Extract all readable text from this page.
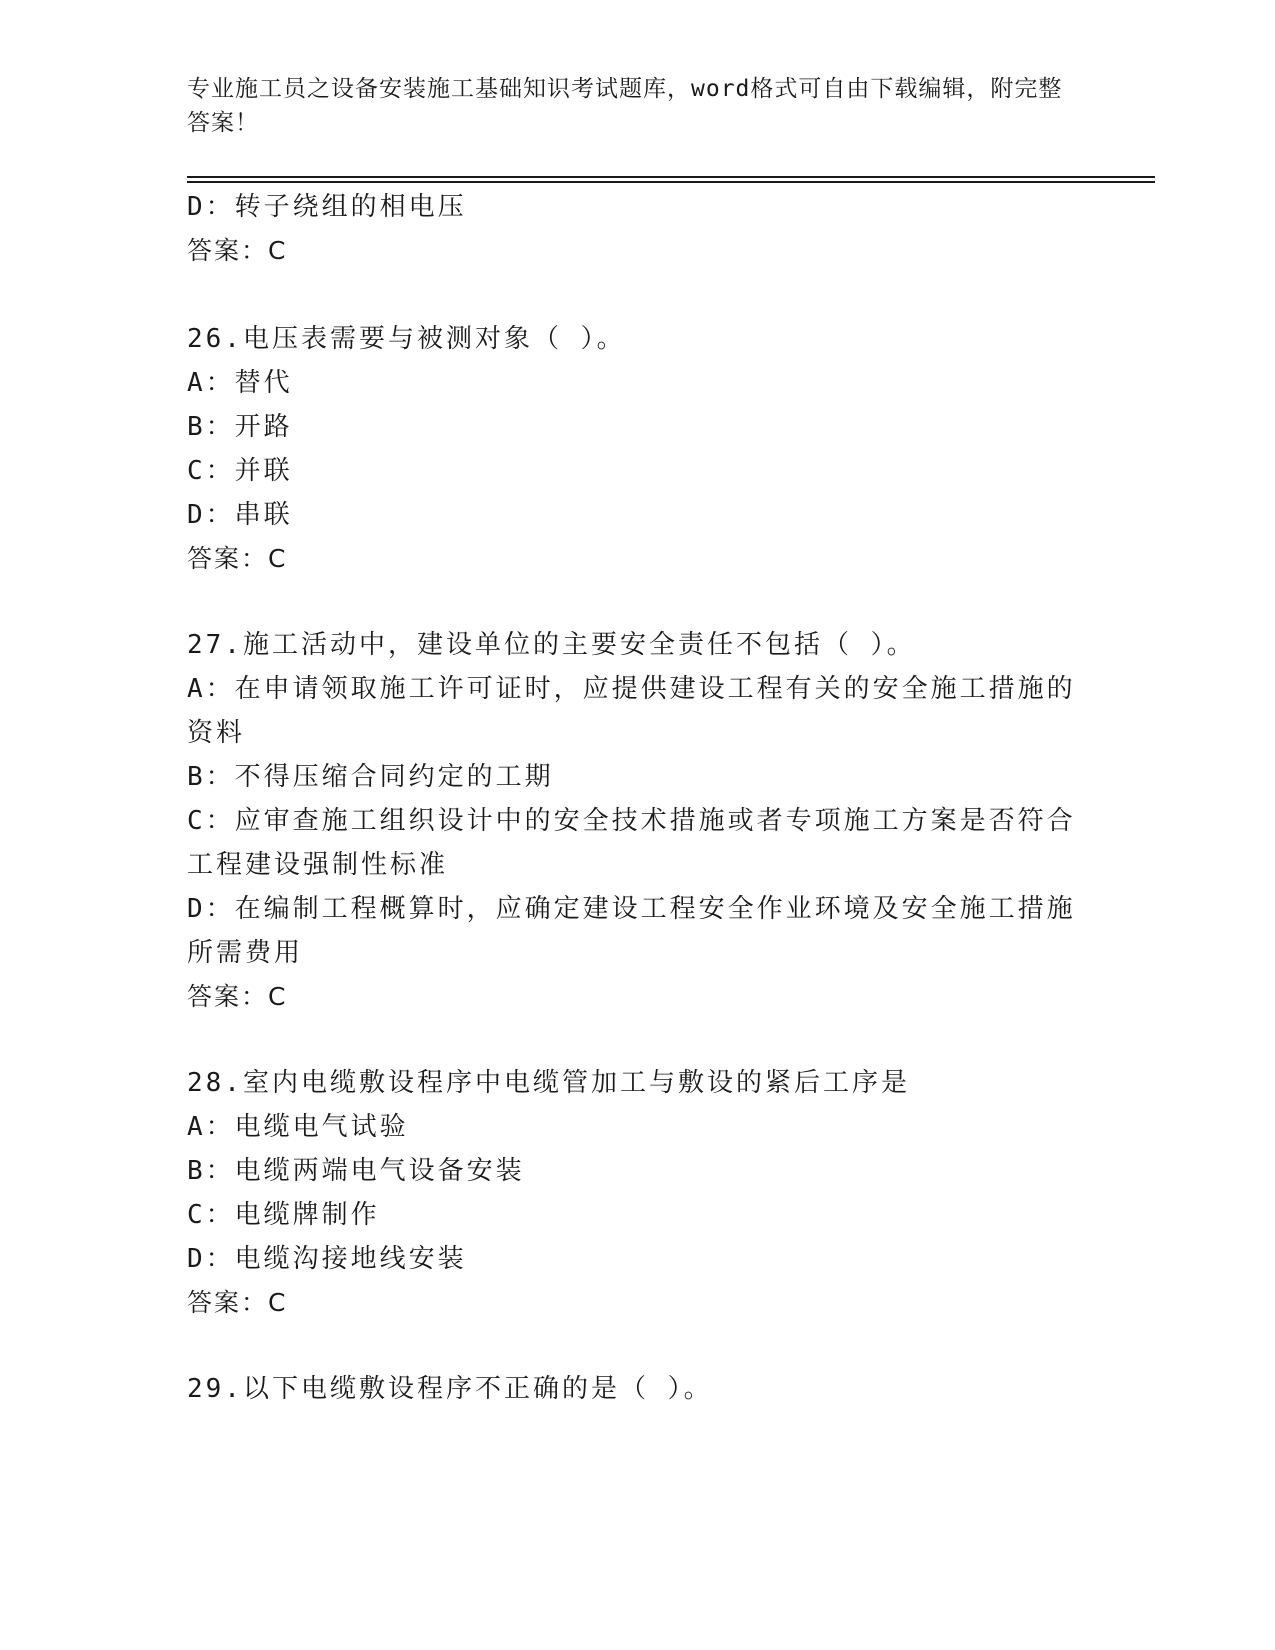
专业施工员之设备安装施工基础知识考试题库，word格式可自由下载编辑，附完整答案！
D：转子绕组的相电压
答案：C
26.电压表需要与被测对象（ ）。
A：替代
B：开路
C：并联
D：串联
答案：C
27.施工活动中，建设单位的主要安全责任不包括（ ）。
A：在申请领取施工许可证时，应提供建设工程有关的安全施工措施的
资料
B：不得压缩合同约定的工期
C：应审查施工组织设计中的安全技术措施或者专项施工方案是否符合
工程建设强制性标准
D：在编制工程概算时，应确定建设工程安全作业环境及安全施工措施
所需费用
答案：C
28.室内电缆敷设程序中电缆管加工与敷设的紧后工序是
A：电缆电气试验
B：电缆两端电气设备安装
C：电缆牌制作
D：电缆沟接地线安装
答案：C
29.以下电缆敷设程序不正确的是（ ）。
